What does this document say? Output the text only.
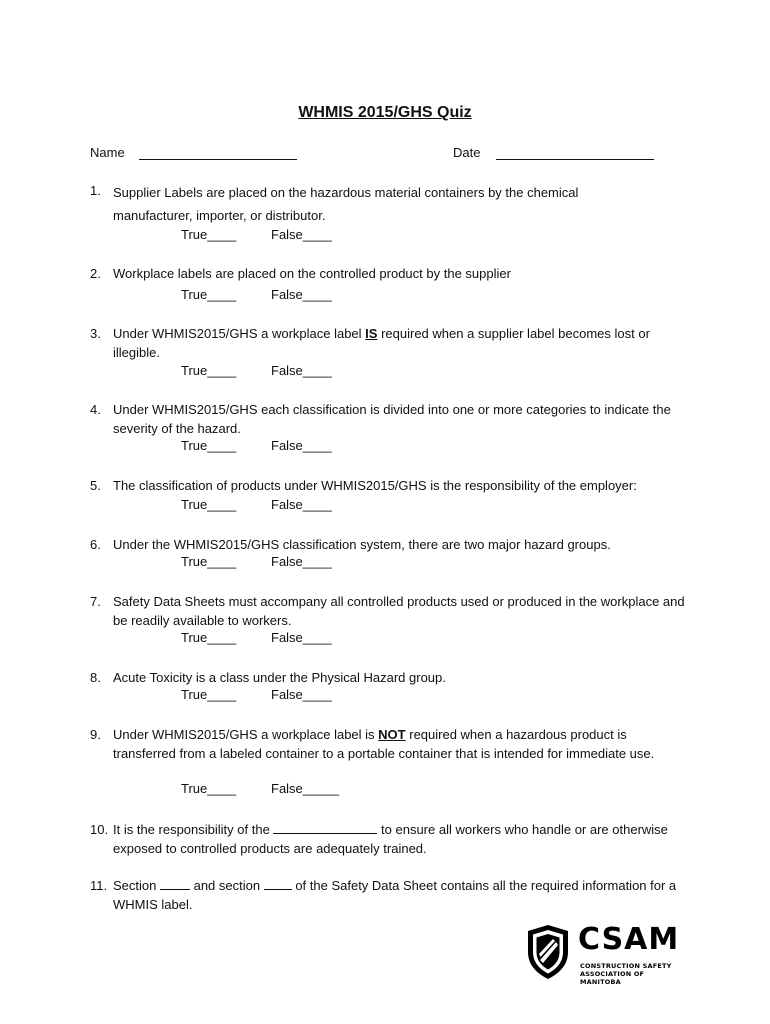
WHMIS 2015/GHS Quiz
Name	Date
1. Supplier Labels are placed on the hazardous material containers by the chemical
manufacturer, importer, or distributor.
True____	False____
2. Workplace labels are placed on the controlled product by the supplier
True____	False____
3. Under WHMIS2015/GHS a workplace label IS required when a supplier label becomes lost or illegible.
True____	False____
4. Under WHMIS2015/GHS each classification is divided into one or more categories to indicate the severity of the hazard.
True____	False____
5. The classification of products under WHMIS2015/GHS is the responsibility of the employer:
True____	False____
6. Under the WHMIS2015/GHS classification system, there are two major hazard groups.
True____	False____
7. Safety Data Sheets must accompany all controlled products used or produced in the workplace and be readily available to workers.
True____	False____
8. Acute Toxicity is a class under the Physical Hazard group.
True____	False____
9. Under WHMIS2015/GHS a workplace label is NOT required when a hazardous product is transferred from a labeled container to a portable container that is intended for immediate use.
True____	False_____
10. It is the responsibility of the	to ensure all workers who handle or are otherwise exposed to controlled products are adequately trained.
11. Section  and section  of the Safety Data Sheet contains all the required information for a WHMIS label.
CSAM
CONSTRUCTION SAFETY
ASSOCIATION OF MANITOBA
